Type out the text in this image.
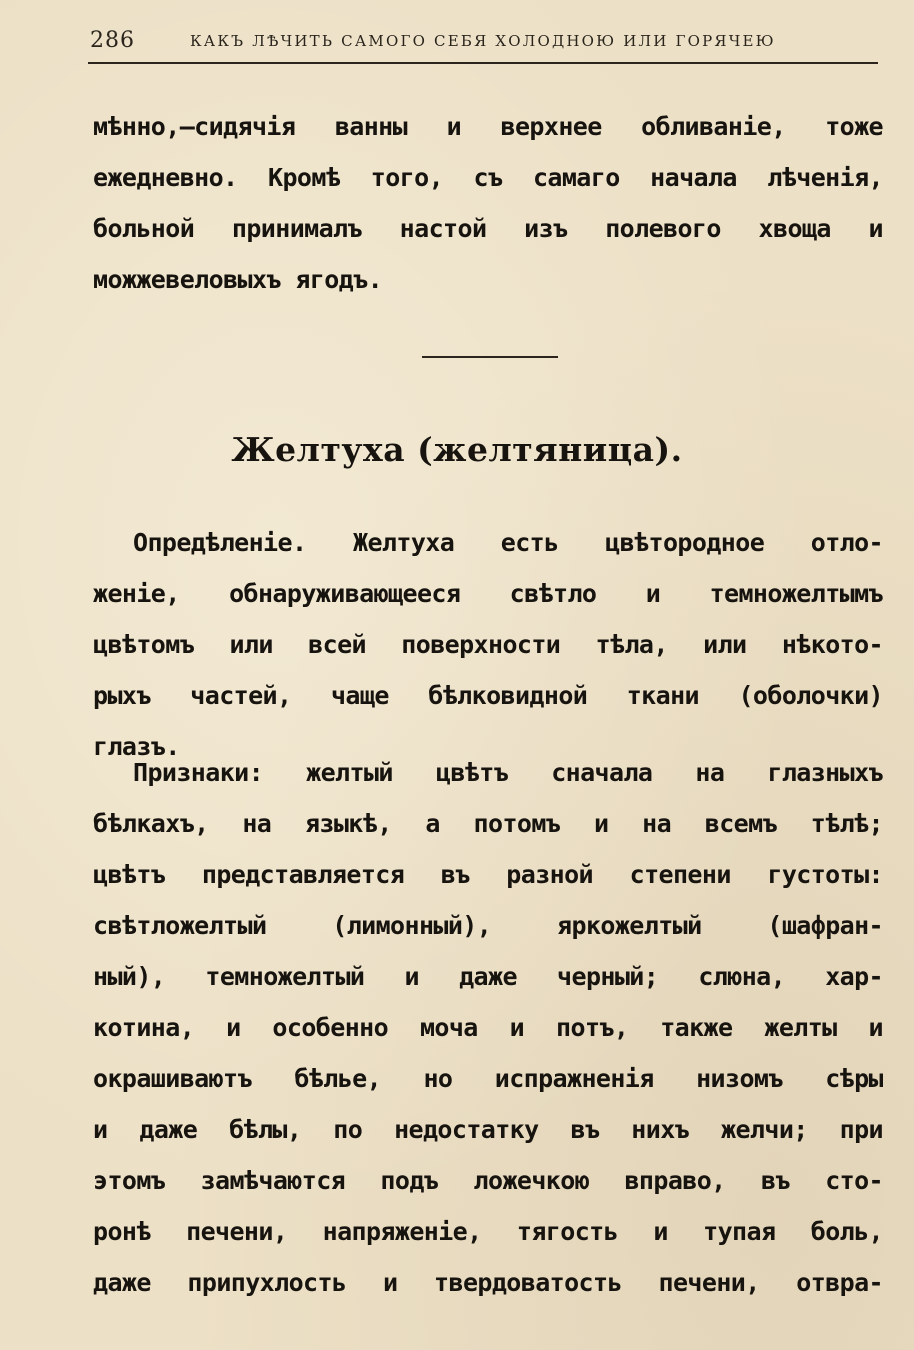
286	КАКЪ ЛѢЧИТЬ САМОГО СЕБЯ ХОЛОДНОЮ ИЛИ ГОРЯЧЕЮ
мѣнно,—сидячія ванны и верхнее обливаніе, тоже
ежедневно. Кромѣ того, съ самаго начала лѣченія,
больной принималъ настой изъ полевого хвоща и
можжевеловыхъ ягодъ.
Желтуха (желтяница).
Опредѣленіе. Желтуха есть цвѣтородное отло-
женіе, обнаруживающееся свѣтло и темножелтымъ
цвѣтомъ или всей поверхности тѣла, или нѣкото-
рыхъ частей, чаще бѣлковидной ткани (оболочки)
глазъ.
Признаки: желтый цвѣтъ сначала на глазныхъ
бѣлкахъ, на языкѣ, а потомъ и на всемъ тѣлѣ;
цвѣтъ представляется въ разной степени густоты:
свѣтложелтый (лимонный), яркожелтый (шафран-
ный), темножелтый и даже черный; слюна, хар-
котина, и особенно моча и потъ, также желты и
окрашиваютъ бѣлье, но испражненія низомъ сѣры
и даже бѣлы, по недостатку въ нихъ желчи; при
этомъ замѣчаются подъ ложечкою вправо, въ сто-
ронѣ печени, напряженіе, тягость и тупая боль,
даже припухлость и твердоватость печени, отвра-
